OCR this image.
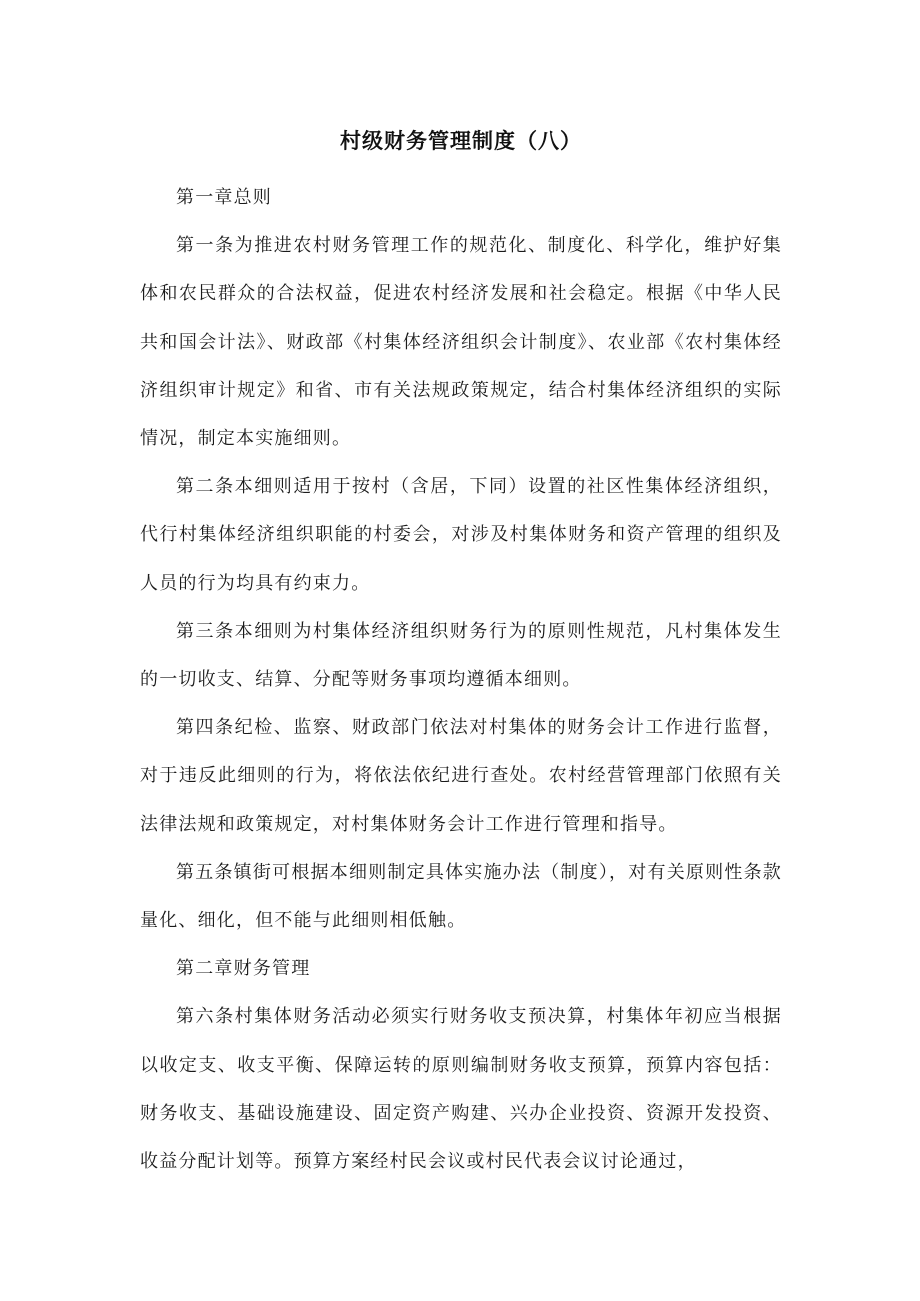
村级财务管理制度（八）

第一章总则

第一条为推进农村财务管理工作的规范化、制度化、科学化，维护好集体和农民群众的合法权益，促进农村经济发展和社会稳定。根据《中华人民共和国会计法》、财政部《村集体经济组织会计制度》、农业部《农村集体经济组织审计规定》和省、市有关法规政策规定，结合村集体经济组织的实际情况，制定本实施细则。

第二条本细则适用于按村（含居，下同）设置的社区性集体经济组织，代行村集体经济组织职能的村委会，对涉及村集体财务和资产管理的组织及人员的行为均具有约束力。

第三条本细则为村集体经济组织财务行为的原则性规范，凡村集体发生的一切收支、结算、分配等财务事项均遵循本细则。

第四条纪检、监察、财政部门依法对村集体的财务会计工作进行监督，对于违反此细则的行为，将依法依纪进行查处。农村经营管理部门依照有关法律法规和政策规定，对村集体财务会计工作进行管理和指导。

第五条镇街可根据本细则制定具体实施办法（制度），对有关原则性条款量化、细化，但不能与此细则相低触。

第二章财务管理

第六条村集体财务活动必须实行财务收支预决算，村集体年初应当根据以收定支、收支平衡、保障运转的原则编制财务收支预算，预算内容包括：财务收支、基础设施建设、固定资产购建、兴办企业投资、资源开发投资、收益分配计划等。预算方案经村民会议或村民代表会议讨论通过，
